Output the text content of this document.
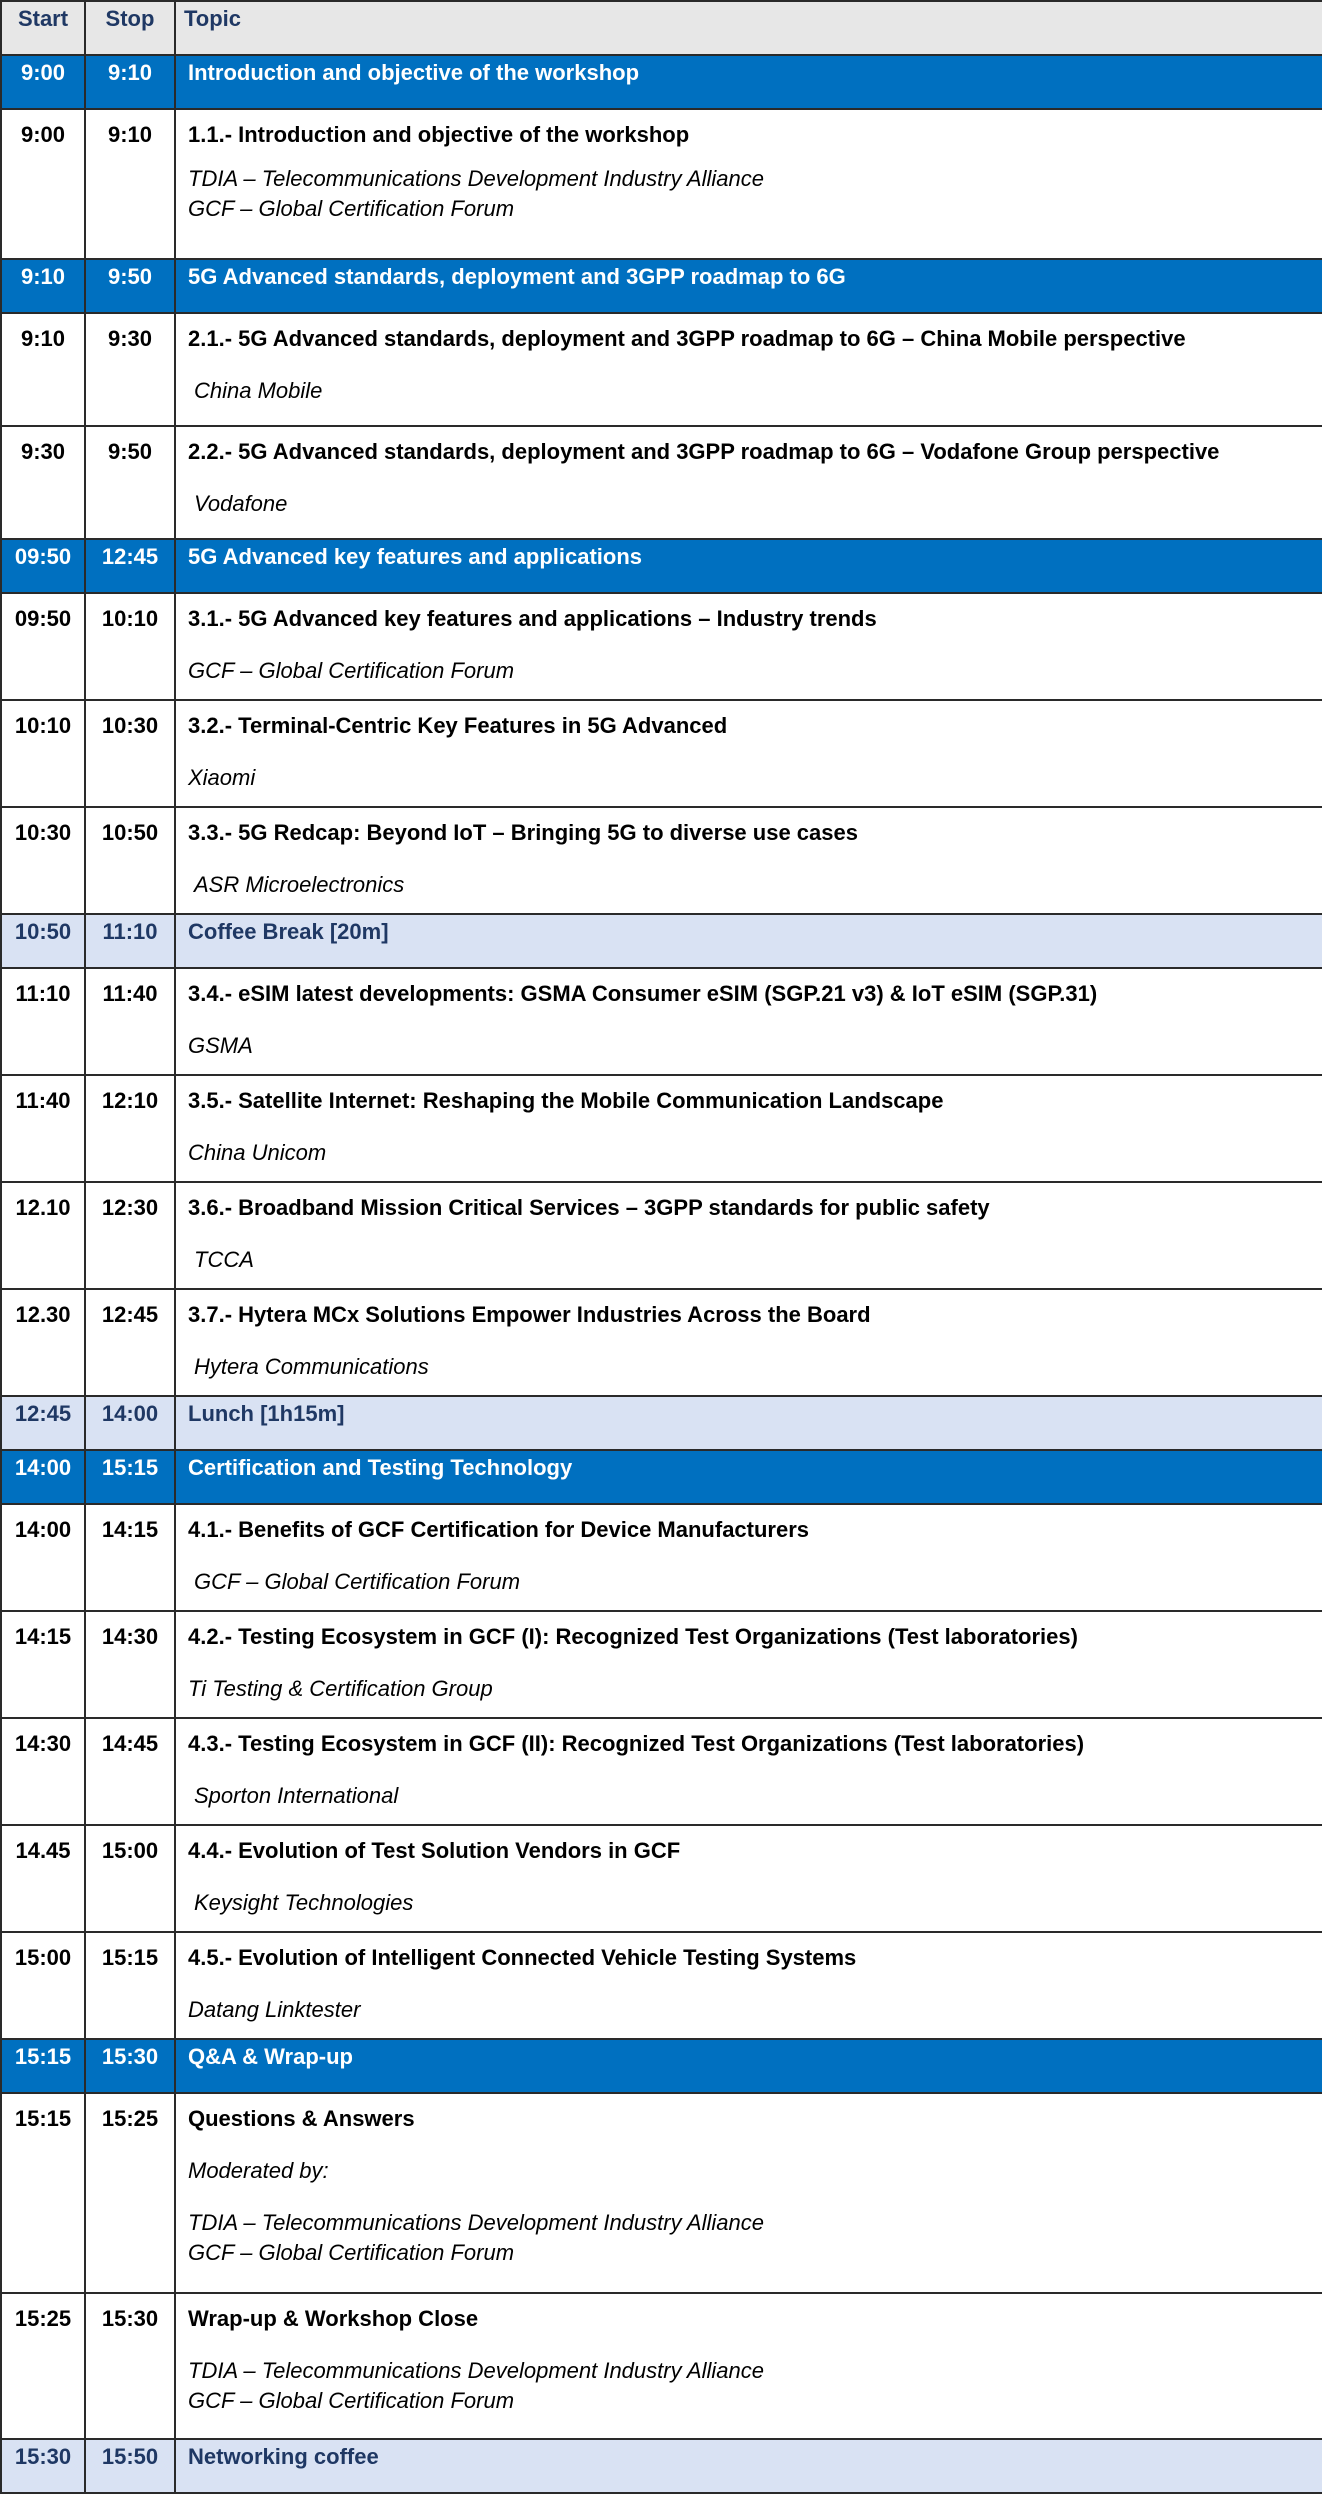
Start	Stop	Topic
9:00	9:10	Introduction and objective of the workshop
9:00	9:10	1.1.- Introduction and objective of the workshop
TDIA – Telecommunications Development Industry Alliance
GCF – Global Certification Forum

9:10	9:50	5G Advanced standards, deployment and 3GPP roadmap to 6G
9:10	9:30	2.1.- 5G Advanced standards, deployment and 3GPP roadmap to 6G – China Mobile perspective
China Mobile

9:30	9:50	2.2.- 5G Advanced standards, deployment and 3GPP roadmap to 6G – Vodafone Group perspective
Vodafone

09:50	12:45	5G Advanced key features and applications
09:50	10:10	3.1.- 5G Advanced key features and applications – Industry trends
GCF – Global Certification Forum

10:10	10:30	3.2.- Terminal-Centric Key Features in 5G Advanced
Xiaomi

10:30	10:50	3.3.- 5G Redcap: Beyond IoT – Bringing 5G to diverse use cases
ASR Microelectronics

10:50	11:10	Coffee Break [20m]
11:10	11:40	3.4.- eSIM latest developments: GSMA Consumer eSIM (SGP.21 v3) & IoT eSIM (SGP.31)
GSMA

11:40	12:10	3.5.- Satellite Internet: Reshaping the Mobile Communication Landscape
China Unicom

12.10	12:30	3.6.- Broadband Mission Critical Services – 3GPP standards for public safety
TCCA

12.30	12:45	3.7.- Hytera MCx Solutions Empower Industries Across the Board
Hytera Communications

12:45	14:00	Lunch [1h15m]
14:00	15:15	Certification and Testing Technology
14:00	14:15	4.1.- Benefits of GCF Certification for Device Manufacturers
GCF – Global Certification Forum

14:15	14:30	4.2.- Testing Ecosystem in GCF (I): Recognized Test Organizations (Test laboratories)
Ti Testing & Certification Group

14:30	14:45	4.3.- Testing Ecosystem in GCF (II): Recognized Test Organizations (Test laboratories)
Sporton International

14.45	15:00	4.4.- Evolution of Test Solution Vendors in GCF
Keysight Technologies

15:00	15:15	4.5.- Evolution of Intelligent Connected Vehicle Testing Systems
Datang Linktester

15:15	15:30	Q&A & Wrap-up
15:15	15:25	Questions & Answers
Moderated by:
TDIA – Telecommunications Development Industry Alliance
GCF – Global Certification Forum

15:25	15:30	Wrap-up & Workshop Close
TDIA – Telecommunications Development Industry Alliance
GCF – Global Certification Forum

15:30	15:50	Networking coffee
